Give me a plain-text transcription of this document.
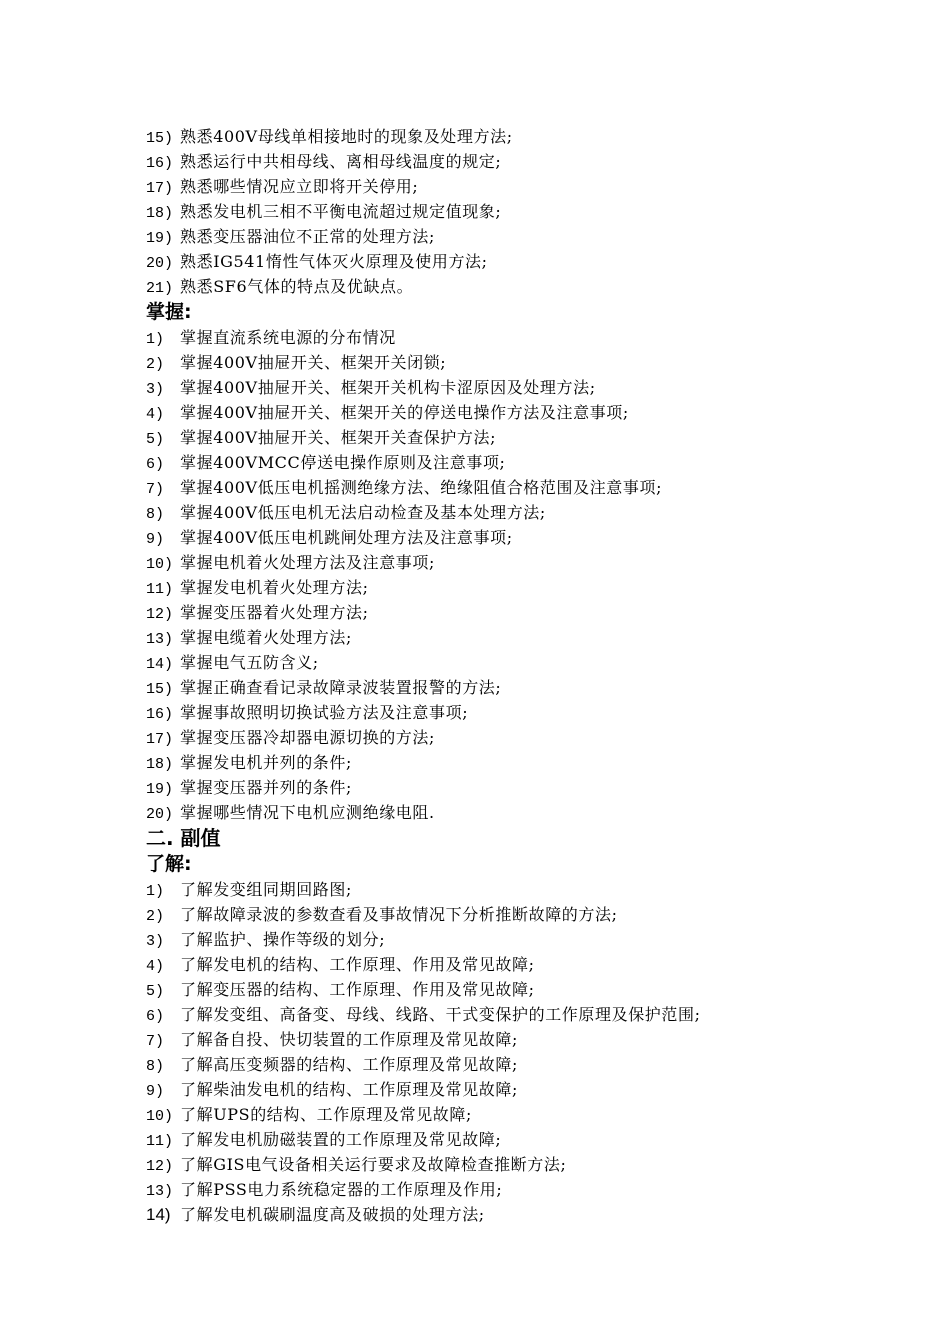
15) 熟悉400V母线单相接地时的现象及处理方法;
16) 熟悉运行中共相母线、离相母线温度的规定;
17) 熟悉哪些情况应立即将开关停用;
18) 熟悉发电机三相不平衡电流超过规定值现象;
19) 熟悉变压器油位不正常的处理方法;
20) 熟悉IG541惰性气体灭火原理及使用方法;
21) 熟悉SF6气体的特点及优缺点。
掌握:
1) 掌握直流系统电源的分布情况
2) 掌握400V抽屉开关、框架开关闭锁;
3) 掌握400V抽屉开关、框架开关机构卡涩原因及处理方法;
4) 掌握400V抽屉开关、框架开关的停送电操作方法及注意事项;
5) 掌握400V抽屉开关、框架开关查保护方法;
6) 掌握400VMCC停送电操作原则及注意事项;
7) 掌握400V低压电机摇测绝缘方法、绝缘阻值合格范围及注意事项;
8) 掌握400V低压电机无法启动检查及基本处理方法;
9) 掌握400V低压电机跳闸处理方法及注意事项;
10) 掌握电机着火处理方法及注意事项;
11) 掌握发电机着火处理方法;
12) 掌握变压器着火处理方法;
13) 掌握电缆着火处理方法;
14) 掌握电气五防含义;
15) 掌握正确查看记录故障录波装置报警的方法;
16) 掌握事故照明切换试验方法及注意事项;
17) 掌握变压器冷却器电源切换的方法;
18) 掌握发电机并列的条件;
19) 掌握变压器并列的条件;
20) 掌握哪些情况下电机应测绝缘电阻.
二. 副值
了解:
1) 了解发变组同期回路图;
2) 了解故障录波的参数查看及事故情况下分析推断故障的方法;
3) 了解监护、操作等级的划分;
4) 了解发电机的结构、工作原理、作用及常见故障;
5) 了解变压器的结构、工作原理、作用及常见故障;
6) 了解发变组、高备变、母线、线路、干式变保护的工作原理及保护范围;
7) 了解备自投、快切装置的工作原理及常见故障;
8) 了解高压变频器的结构、工作原理及常见故障;
9) 了解柴油发电机的结构、工作原理及常见故障;
10) 了解UPS的结构、工作原理及常见故障;
11) 了解发电机励磁装置的工作原理及常见故障;
12) 了解GIS电气设备相关运行要求及故障检查推断方法;
13) 了解PSS电力系统稳定器的工作原理及作用;
14) 了解发电机碳刷温度高及破损的处理方法;
